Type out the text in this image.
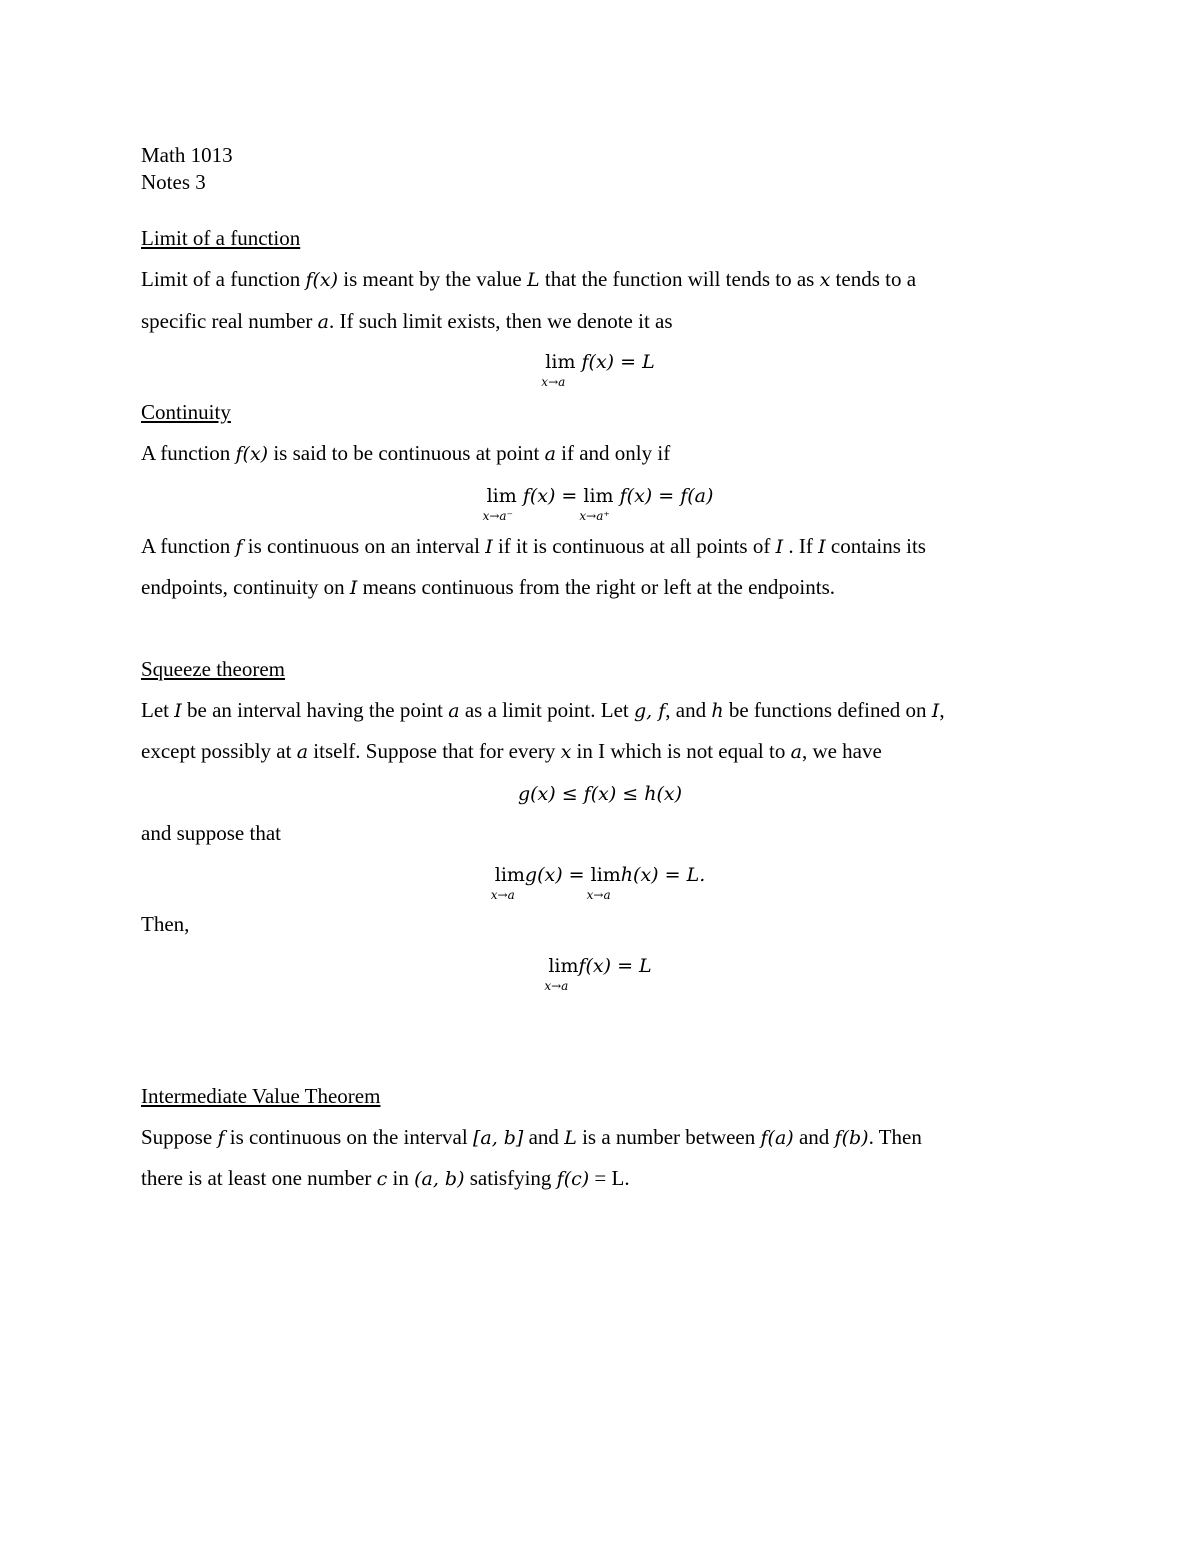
Math 1013
Notes 3
Limit of a function
Limit of a function 𝑓(𝑥) is meant by the value 𝐿 that the function will tends to as 𝑥 tends to a
specific real number 𝑎. If such limit exists, then we denote it as
lim
𝑥→𝑎
𝑓(𝑥) = 𝐿
Continuity
A function 𝑓(𝑥) is said to be continuous at point 𝑎 if and only if
lim
𝑥→𝑎⁻
𝑓(𝑥) = lim
𝑥→𝑎⁺
𝑓(𝑥) = 𝑓(𝑎)
A function 𝑓 is continuous on an interval 𝐼 if it is continuous at all points of 𝐼 . If 𝐼 contains its
endpoints, continuity on 𝐼 means continuous from the right or left at the endpoints.
Squeeze theorem
Let 𝐼 be an interval having the point 𝑎 as a limit point. Let 𝑔, 𝑓, and ℎ be functions defined on 𝐼,
except possibly at 𝑎 itself. Suppose that for every 𝑥 in I which is not equal to 𝑎, we have
𝑔(𝑥) ≤ 𝑓(𝑥) ≤ ℎ(𝑥)
and suppose that
lim
𝑥→𝑎
𝑔(𝑥) = lim
𝑥→𝑎
ℎ(𝑥) = 𝐿.
Then,
lim
𝑥→𝑎
𝑓(𝑥) = 𝐿
Intermediate Value Theorem
Suppose 𝑓 is continuous on the interval [𝑎, 𝑏] and 𝐿 is a number between 𝑓(𝑎) and 𝑓(𝑏). Then
there is at least one number 𝑐 in (𝑎, 𝑏) satisfying 𝑓(𝑐) = L.
